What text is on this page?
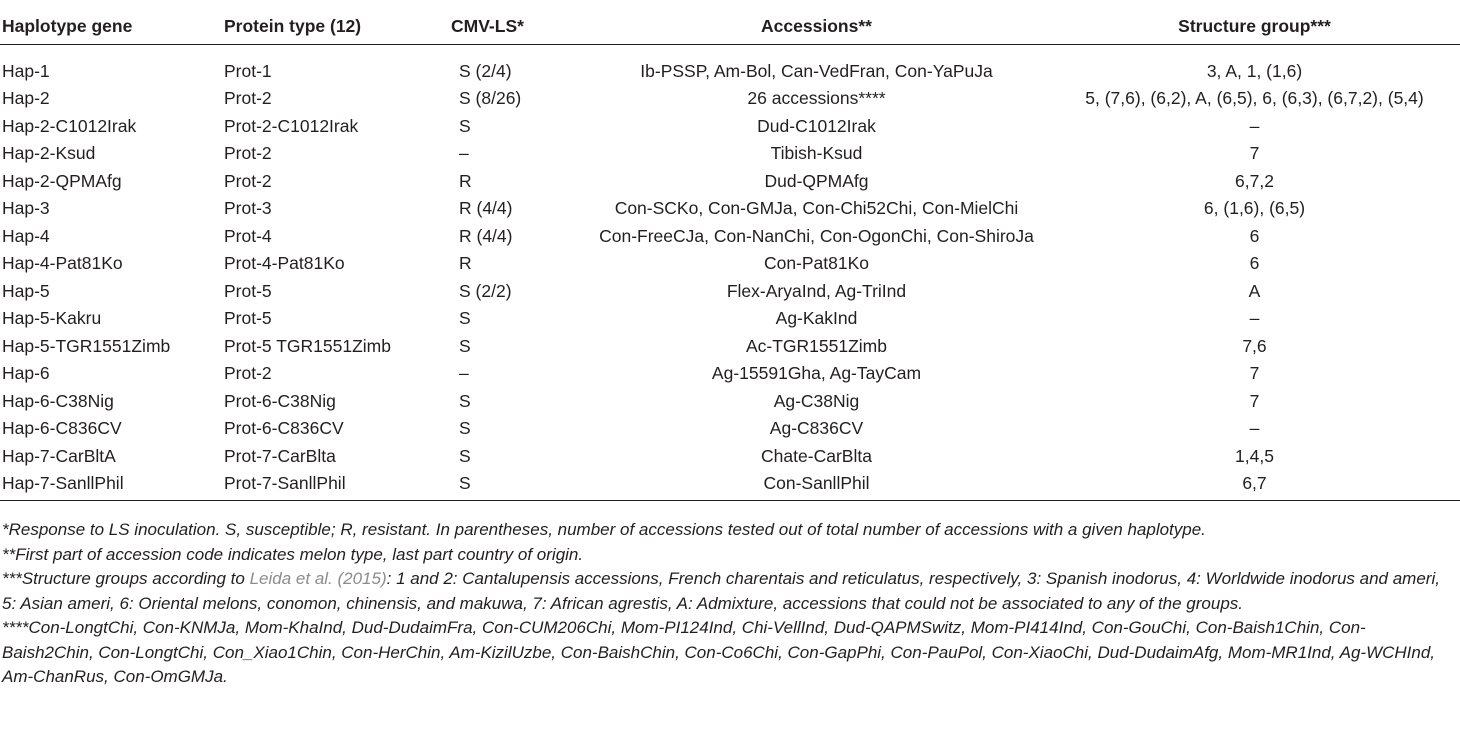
Haplotype gene	Protein type (12)	CMV-LS*	Accessions**	Structure group***
Hap-1	Prot-1	S (2/4)	Ib-PSSP, Am-Bol, Can-VedFran, Con-YaPuJa	3, A, 1, (1,6)
Hap-2	Prot-2	S (8/26)	26 accessions****	5, (7,6), (6,2), A, (6,5), 6, (6,3), (6,7,2), (5,4)
Hap-2-C1012Irak	Prot-2-C1012Irak	S	Dud-C1012Irak	–
Hap-2-Ksud	Prot-2	–	Tibish-Ksud	7
Hap-2-QPMAfg	Prot-2	R	Dud-QPMAfg	6,7,2
Hap-3	Prot-3	R (4/4)	Con-SCKo, Con-GMJa, Con-Chi52Chi, Con-MielChi	6, (1,6), (6,5)
Hap-4	Prot-4	R (4/4)	Con-FreeCJa, Con-NanChi, Con-OgonChi, Con-ShiroJa	6
Hap-4-Pat81Ko	Prot-4-Pat81Ko	R	Con-Pat81Ko	6
Hap-5	Prot-5	S (2/2)	Flex-AryaInd, Ag-TriInd	A
Hap-5-Kakru	Prot-5	S	Ag-KakInd	–
Hap-5-TGR1551Zimb	Prot-5 TGR1551Zimb	S	Ac-TGR1551Zimb	7,6
Hap-6	Prot-2	–	Ag-15591Gha, Ag-TayCam	7
Hap-6-C38Nig	Prot-6-C38Nig	S	Ag-C38Nig	7
Hap-6-C836CV	Prot-6-C836CV	S	Ag-C836CV	–
Hap-7-CarBltA	Prot-7-CarBlta	S	Chate-CarBlta	1,4,5
Hap-7-SanllPhil	Prot-7-SanllPhil	S	Con-SanllPhil	6,7

*Response to LS inoculation. S, susceptible; R, resistant. In parentheses, number of accessions tested out of total number of accessions with a given haplotype.

**First part of accession code indicates melon type, last part country of origin.

***Structure groups according to Leida et al. (2015): 1 and 2: Cantalupensis accessions, French charentais and reticulatus, respectively, 3: Spanish inodorus, 4: Worldwide inodorus and ameri, 5: Asian ameri, 6: Oriental melons, conomon, chinensis, and makuwa, 7: African agrestis, A: Admixture, accessions that could not be associated to any of the groups.

****Con-LongtChi, Con-KNMJa, Mom-KhaInd, Dud-DudaimFra, Con-CUM206Chi, Mom-PI124Ind, Chi-VellInd, Dud-QAPMSwitz, Mom-PI414Ind, Con-GouChi, Con-Baish1Chin, Con-Baish2Chin, Con-LongtChi, Con_Xiao1Chin, Con-HerChin, Am-KizilUzbe, Con-BaishChin, Con-Co6Chi, Con-GapPhi, Con-PauPol, Con-XiaoChi, Dud-DudaimAfg, Mom-MR1Ind, Ag-WCHInd, Am-ChanRus, Con-OmGMJa.
